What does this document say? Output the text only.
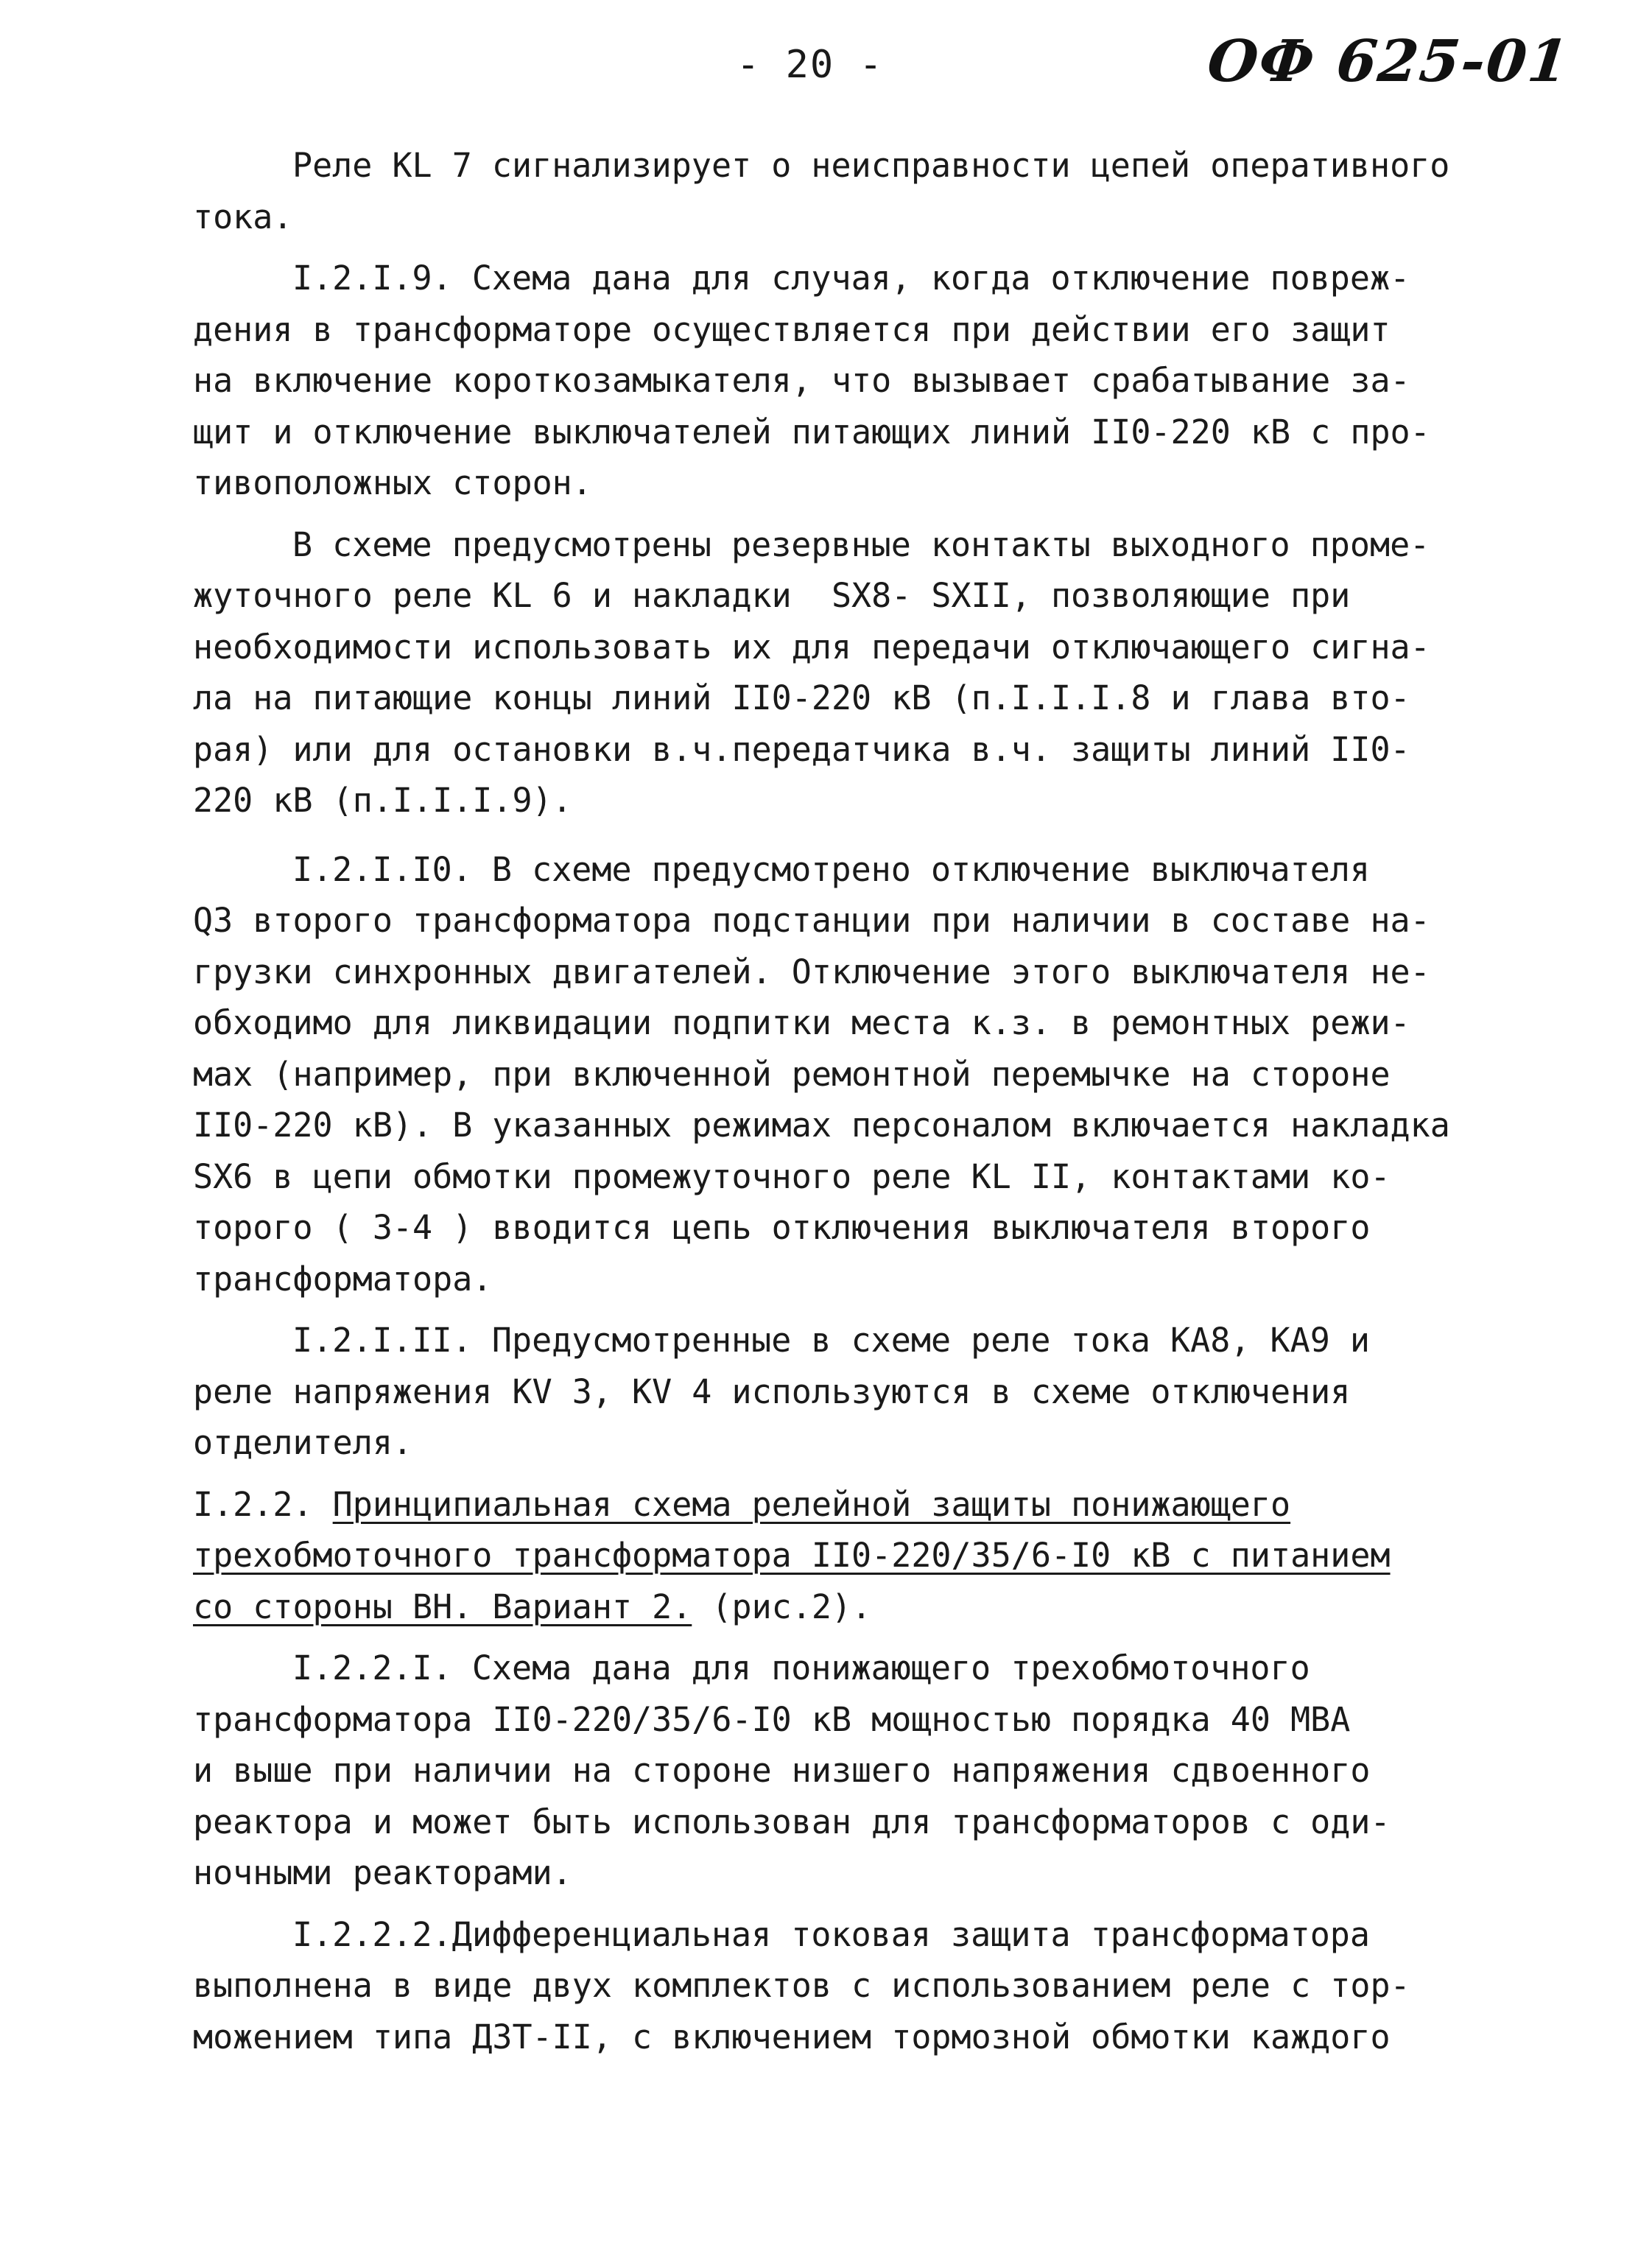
- 20 -	ОФ 625-01
Реле КL 7 сигнализирует о неисправности цепей оперативного
тока.
I.2.I.9. Схема дана для случая, когда отключение повреж-
дения в трансформаторе осуществляется при действии его защит
на включение короткозамыкателя, что вызывает срабатывание за-
щит и отключение выключателей питающих линий II0-220 кВ с про-
тивоположных сторон.
В схеме предусмотрены резервные контакты выходного проме-
жуточного реле КL 6 и накладки  SX8- SXII, позволяющие при
необходимости использовать их для передачи отключающего сигна-
ла на питающие концы линий II0-220 кВ (п.I.I.I.8 и глава вто-
рая) или для остановки в.ч.передатчика в.ч. защиты линий II0-
220 кВ (п.I.I.I.9).
I.2.I.I0. В схеме предусмотрено отключение выключателя
Q3 второго трансформатора подстанции при наличии в составе на-
грузки синхронных двигателей. Отключение этого выключателя не-
обходимо для ликвидации подпитки места к.з. в ремонтных режи-
мах (например, при включенной ремонтной перемычке на стороне
II0-220 кВ). В указанных режимах персоналом включается накладка
SX6 в цепи обмотки промежуточного реле КL II, контактами ко-
торого ( 3-4 ) вводится цепь отключения выключателя второго
трансформатора.
I.2.I.II. Предусмотренные в схеме реле тока КА8, КА9 и
реле напряжения КV 3, КV 4 используются в схеме отключения
отделителя.
I.2.2. Принципиальная схема релейной защиты понижающего
трехобмоточного трансформатора II0-220/35/6-I0 кВ с питанием
со стороны ВН. Вариант 2. (рис.2).
I.2.2.I. Схема дана для понижающего трехобмоточного
трансформатора II0-220/35/6-I0 кВ мощностью порядка 40 МВА
и выше при наличии на стороне низшего напряжения сдвоенного
реактора и может быть использован для трансформаторов с оди-
ночными реакторами.
I.2.2.2.Дифференциальная токовая защита трансформатора
выполнена в виде двух комплектов с использованием реле с тор-
можением типа ДЗТ-II, с включением тормозной обмотки каждого
